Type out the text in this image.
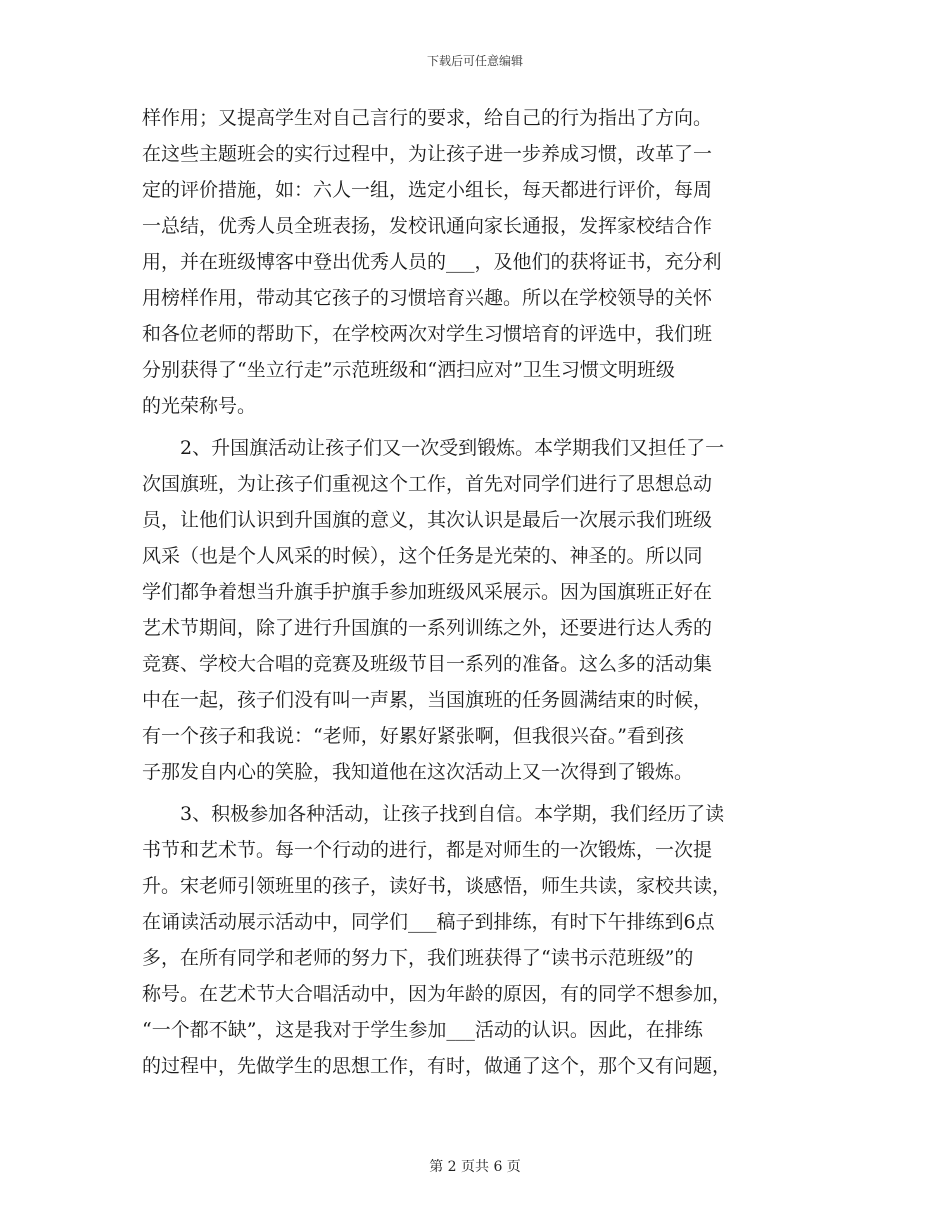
下载后可任意编辑
样作用；又提高学生对自己言行的要求，给自己的行为指出了方向。
在这些主题班会的实行过程中，为让孩子进一步养成习惯，改革了一
定的评价措施，如：六人一组，选定小组长，每天都进行评价，每周
一总结，优秀人员全班表扬，发校讯通向家长通报，发挥家校结合作
用，并在班级博客中登出优秀人员的___，及他们的获将证书，充分利
用榜样作用，带动其它孩子的习惯培育兴趣。所以在学校领导的关怀
和各位老师的帮助下，在学校两次对学生习惯培育的评选中，我们班
分别获得了“坐立行走”示范班级和“洒扫应对”卫生习惯文明班级
的光荣称号。
2、升国旗活动让孩子们又一次受到锻炼。本学期我们又担任了一
次国旗班，为让孩子们重视这个工作，首先对同学们进行了思想总动
员，让他们认识到升国旗的意义，其次认识是最后一次展示我们班级
风采（也是个人风采的时候），这个任务是光荣的、神圣的。所以同
学们都争着想当升旗手护旗手参加班级风采展示。因为国旗班正好在
艺术节期间，除了进行升国旗的一系列训练之外，还要进行达人秀的
竞赛、学校大合唱的竞赛及班级节目一系列的准备。这么多的活动集
中在一起，孩子们没有叫一声累，当国旗班的任务圆满结束的时候，
有一个孩子和我说：“老师，好累好紧张啊，但我很兴奋。”看到孩
子那发自内心的笑脸，我知道他在这次活动上又一次得到了锻炼。
3、积极参加各种活动，让孩子找到自信。本学期，我们经历了读
书节和艺术节。每一个行动的进行，都是对师生的一次锻炼，一次提
升。宋老师引领班里的孩子，读好书，谈感悟，师生共读，家校共读，
在诵读活动展示活动中，同学们___稿子到排练，有时下午排练到6点
多，在所有同学和老师的努力下，我们班获得了“读书示范班级”的
称号。在艺术节大合唱活动中，因为年龄的原因，有的同学不想参加，
“一个都不缺”，这是我对于学生参加___活动的认识。因此，在排练
的过程中，先做学生的思想工作，有时，做通了这个，那个又有问题，
第 2 页共 6 页
